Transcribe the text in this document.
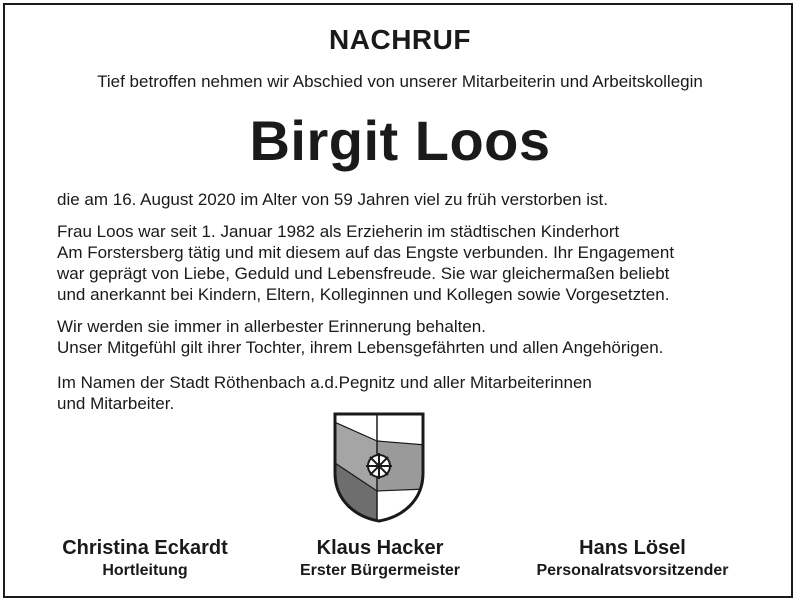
NACHRUF
Tief betroffen nehmen wir Abschied von unserer Mitarbeiterin und Arbeitskollegin
Birgit Loos
die am 16. August 2020 im Alter von 59 Jahren viel zu früh verstorben ist.
Frau Loos war seit 1. Januar 1982 als Erzieherin im städtischen Kinderhort
Am Forstersberg tätig und mit diesem auf das Engste verbunden. Ihr Engagement
war geprägt von Liebe, Geduld und Lebensfreude. Sie war gleichermaßen beliebt
und anerkannt bei Kindern, Eltern, Kolleginnen und Kollegen sowie Vorgesetzten.
Wir werden sie immer in allerbester Erinnerung behalten.
Unser Mitgefühl gilt ihrer Tochter, ihrem Lebensgefährten und allen Angehörigen.
Im Namen der Stadt Röthenbach a.d.Pegnitz und aller Mitarbeiterinnen
und Mitarbeiter.
Christina Eckardt
Hortleitung
Klaus Hacker
Erster Bürgermeister
Hans Lösel
Personalratsvorsitzender
